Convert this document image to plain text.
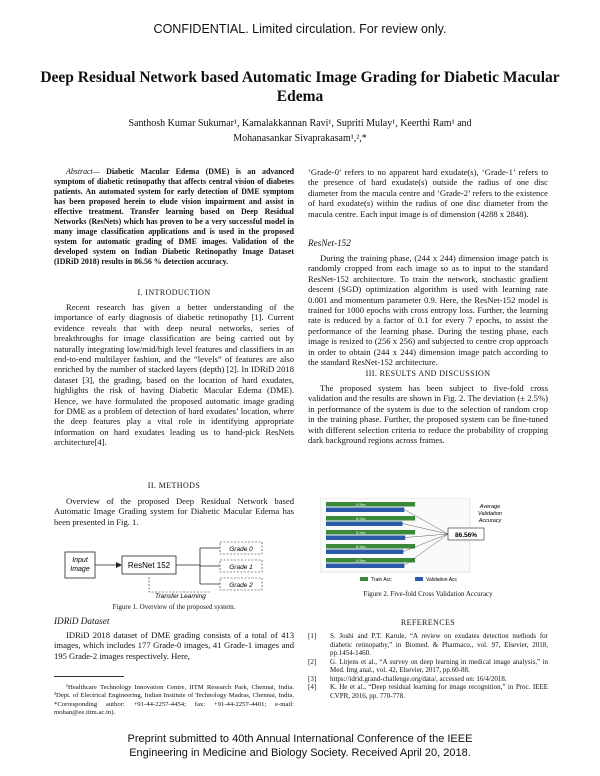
CONFIDENTIAL. Limited circulation. For review only.
Deep Residual Network based Automatic Image Grading for Diabetic Macular Edema
Santhosh Kumar Sukumar¹, Kamalakkannan Ravi¹, Supriti Mulay¹, Keerthi Ram¹ and
Mohanasankar Sivaprakasam¹,²,*

Abstract— Diabetic Macular Edema (DME) is an advanced symptom of diabetic retinopathy that affects central vision of diabetes patients. An automated system for early detection of DME symptom has been proposed herein to elude vision impairment and assist in effective treatment. Transfer learning based on Deep Residual Networks (ResNets) which has proven to be a very successful model in many image classification applications and is used in the proposed system for automatic grading of DME images. Validation of the developed system on Indian Diabetic Retinopathy Image Dataset (IDRiD 2018) results in 86.56 % detection accuracy.

I. INTRODUCTION

Recent research has given a better understanding of the importance of early diagnosis of diabetic retinopathy [1]. Current evidence reveals that with deep neural networks, series of breakthroughs for image classification are being carried out by naturally integrating low/mid/high level features and classifiers in an end-to-end multilayer fashion, and the “levels” of features are also enriched by the number of stacked layers (depth) [2]. In IDRiD 2018 dataset [3], the grading, based on the location of hard exudates, highlights the risk of having Diabetic Macular Edema (DME). Hence, we have formulated the proposed automatic image grading for DME as a problem of detection of hard exudates’ location, where the deep features play a vital role in identifying appropriate information on hard exudates leading us to hand-pick ResNets architecture[4].

II. METHODS

Overview of the proposed Deep Residual Network based Automatic Image Grading system for Diabetic Macular Edema has been presented in Fig. 1.

Input
Image	ResNet 152
Grade 0
Grade 1
Grade 2
Transfer Learning
Figure 1. Overview of the proposed system.
IDRiD Dataset

IDRiD 2018 dataset of DME grading consists of a total of 413 images, which includes 177 Grade-0 images, 41 Grade-1 images and 195 Grade-2 images respectively. Here,

¹Healthcare Technology Innovation Centre, IITM Research Park, Chennai, India. ²Dept. of Electrical Engineering, Indian Institute of Technology Madras, Chennai, India. *Corresponding author: +91-44-2257-4454; fax: +91-44-2257-4401; e-mail: mohan@ee.iitm.ac.in).

‘Grade-0’ refers to no apparent hard exudate(s), ‘Grade-1’ refers to the presence of hard exudate(s) outside the radius of one disc diameter from the macula centre and ‘Grade-2’ refers to the existence of hard exudate(s) within the radius of one disc diameter from the macula centre. Each input image is of dimension (4288 x 2848).

ResNet-152

During the training phase, (244 x 244) dimension image patch is randomly cropped from each image so as to input to the standard ResNet-152 architecture. To train the network, stochastic gradient descent (SGD) optimization algorithm is used with learning rate 0.001 and momentum parameter 0.9. Here, the ResNet-152 model is trained for 1000 epochs with cross entropy loss. Further, the learning rate is reduced by a factor of 0.1 for every 7 epochs, to assist the performance of the learning phase. During the testing phase, each image is resized to (256 x 256) and subjected to centre crop approach in order to obtain (244 x 244) dimension image patch according to the standard ResNet-152 architecture.

III. RESULTS AND DISCUSSION

The proposed system has been subject to five-fold cross validation and the results are shown in Fig. 2. The deviation (± 2.5%) in performance of the system is due to the selection of random crop in the training phase. Further, the proposed system can be fine-tuned with different selection criteria to reduce the probability of cropping dark background regions across frames.

0.9xx
0.9xx
0.9xx
0.9xx
0.9xx
Average
Validation
Accuracy
86.56%
Train Acc	Validation Acc
Figure 2. Five-fold Cross Validation Accuracy
REFERENCES
[1]	S. Joshi and P.T. Karule, “A review on exudates detection methods for diabetic retinopathy,” in Biomed. & Pharmaco., vol. 97, Elsevier, 2018, pp.1454-1460.
[2]	G. Litjens et al., “A survey on deep learning in medical image analysis,” in Med. Img anal., vol. 42, Elsevier, 2017, pp.60-88.
[3]	https://idrid.grand-challenge.org/data/, accessed on: 16/4/2018.
[4]	K. He et al., “Deep residual learning for image recognition,” in Proc. IEEE CVPR, 2016, pp. 770-778.
Preprint submitted to 40th Annual International Conference of the IEEE
Engineering in Medicine and Biology Society. Received April 20, 2018.
